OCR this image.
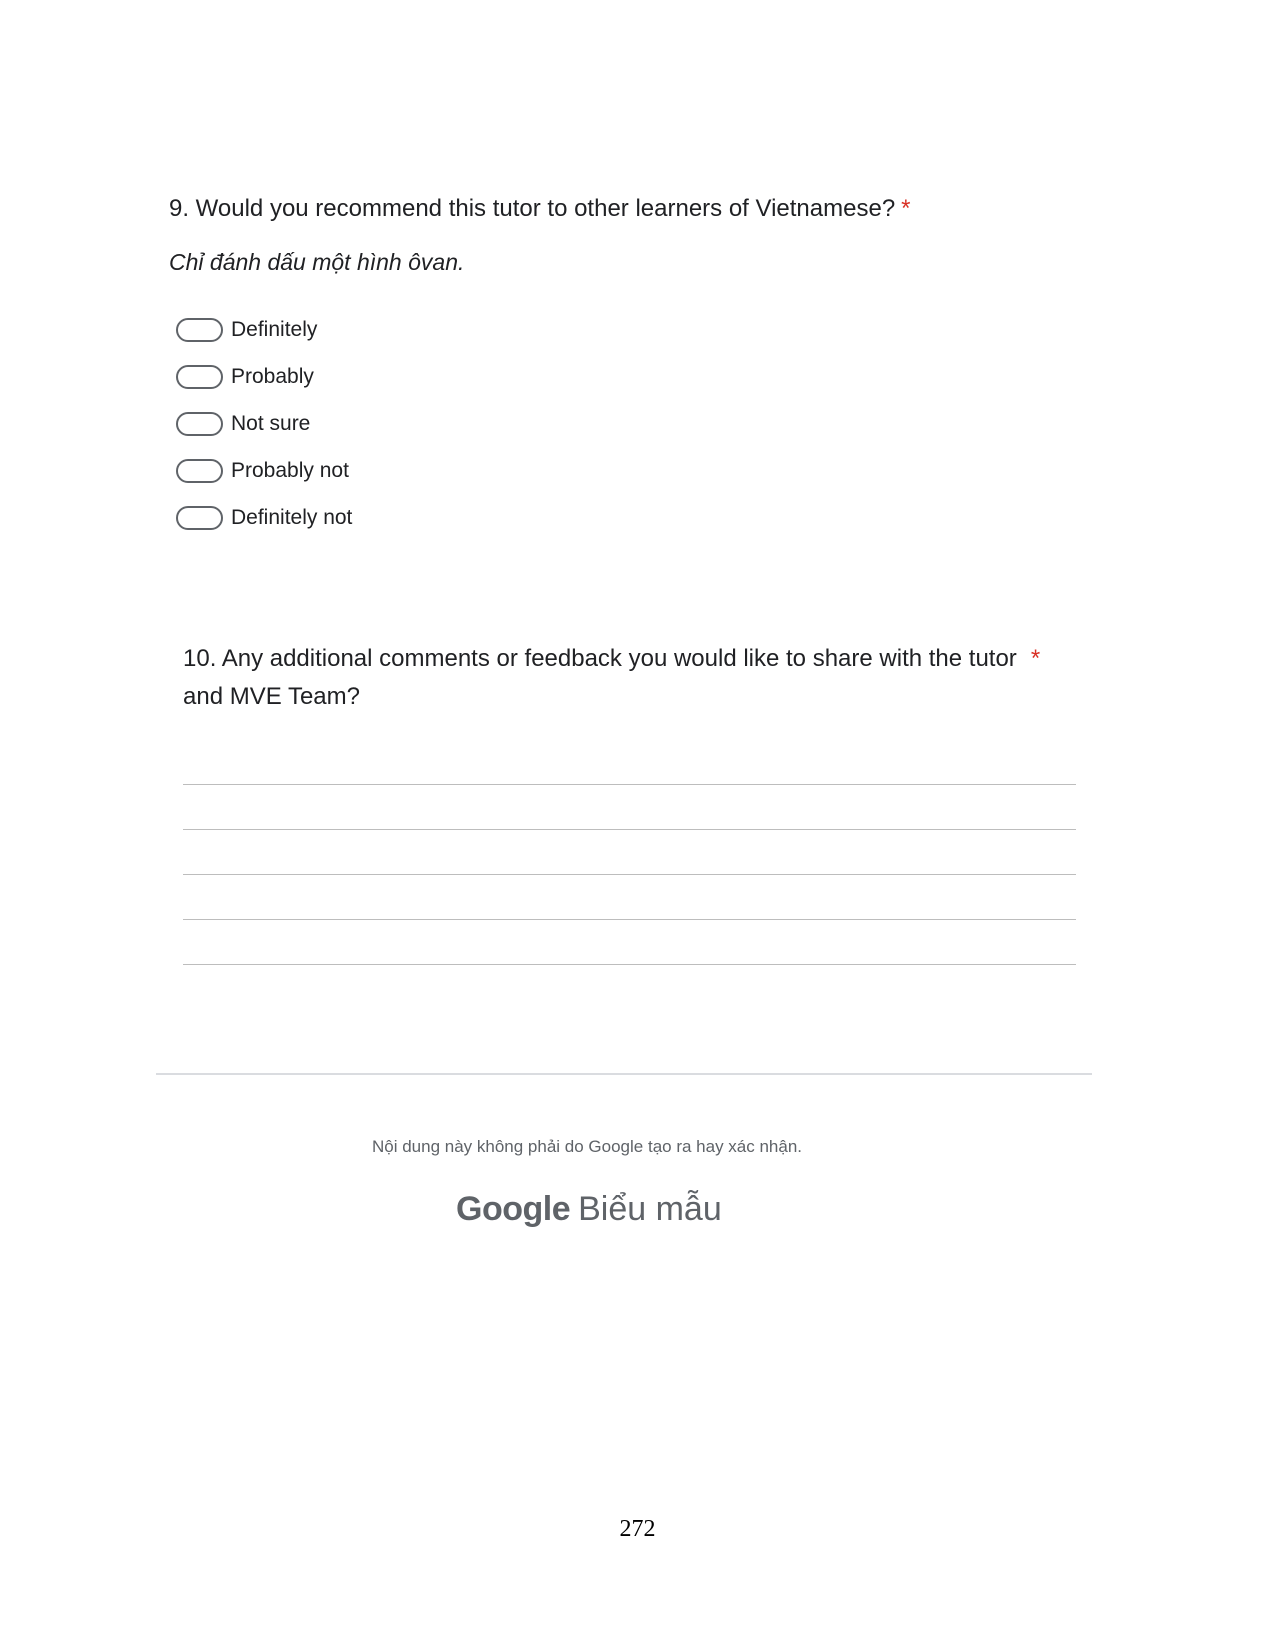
9. Would you recommend this tutor to other learners of Vietnamese? *
Chỉ đánh dấu một hình ôvan.
Definitely
Probably
Not sure
Probably not
Definitely not
10. Any additional comments or feedback you would like to share with the tutor *
and MVE Team?
Nội dung này không phải do Google tạo ra hay xác nhận.
Google Biểu mẫu
272
